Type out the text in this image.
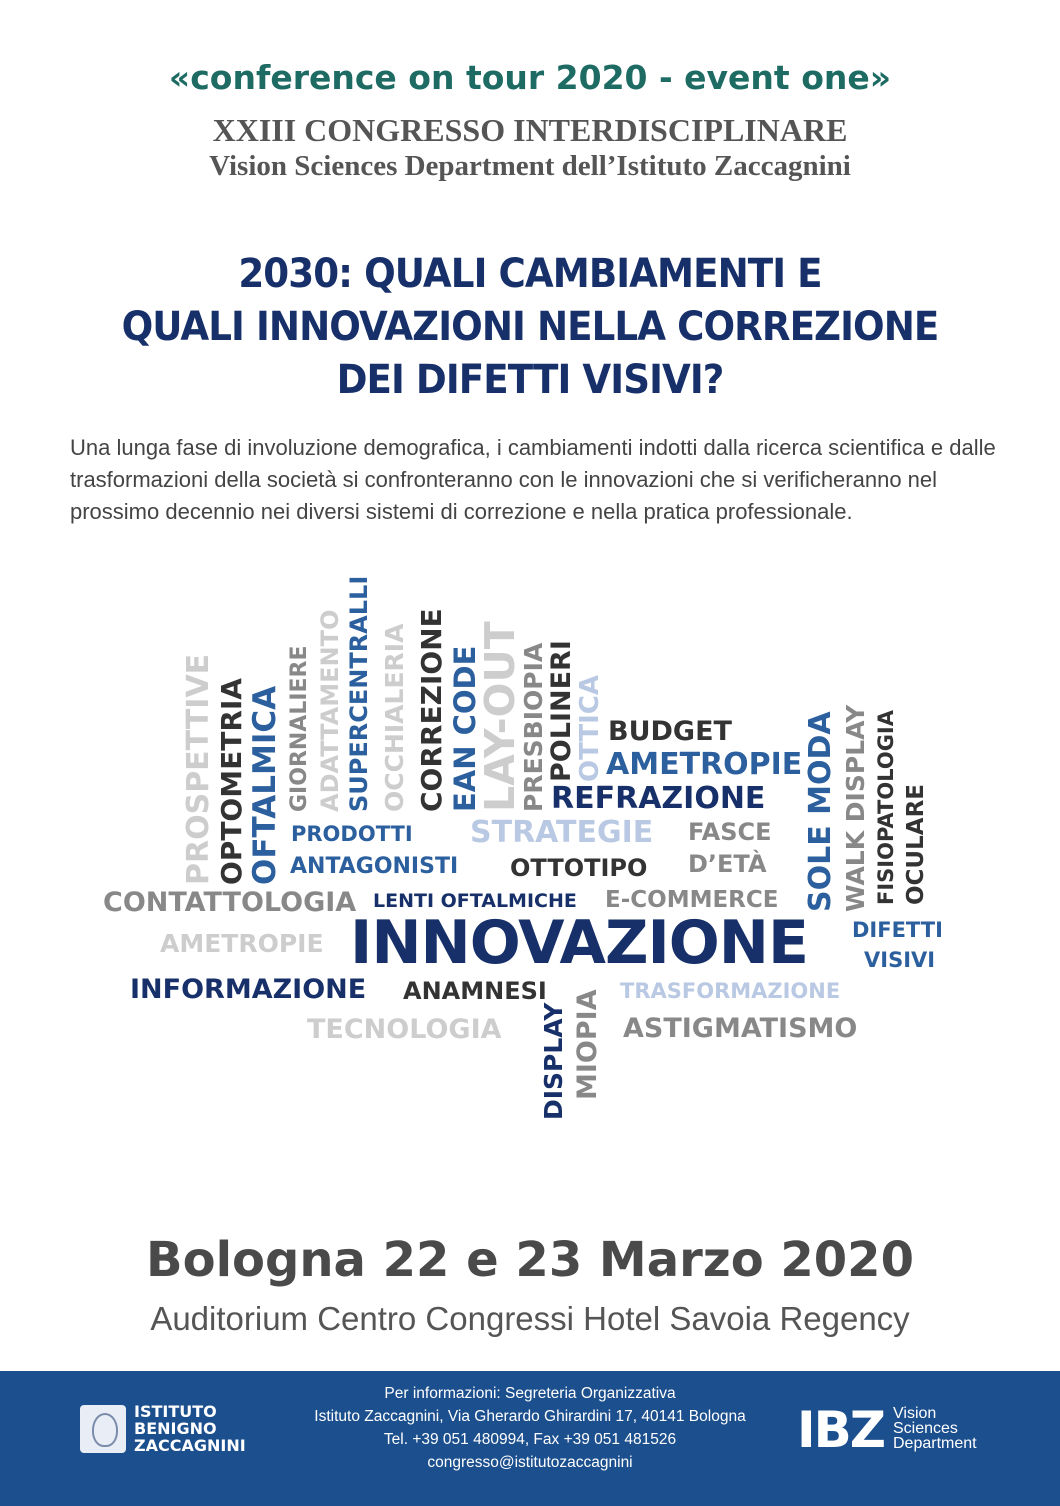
«conference on tour 2020 - event one»
XXIII CONGRESSO INTERDISCIPLINARE
Vision Sciences Department dell’Istituto Zaccagnini
2030: QUALI CAMBIAMENTI E
QUALI INNOVAZIONI NELLA CORREZIONE
DEI DIFETTI VISIVI?
Una lunga fase di involuzione demografica, i cambiamenti indotti dalla ricerca scientifica e dalle trasformazioni della società si confronteranno con le innovazioni che si verificheranno nel prossimo decennio nei diversi sistemi di correzione e nella pratica professionale.
PROSPETTIVE OPTOMETRIA OFTALMICA GIORNALIERE ADATTAMENTO SUPERCENTRALLI OCCHIALERIA CORREZIONE EAN CODE
LAY-OUT
PRESBIOPIA
POLINERI
OTTICA	SOLE MODA WALK DISPLAY FISIOPATOLOGIA OCULARE
DISPLAY MIOPIA
BUDGET
AMETROPIE
REFRAZIONE
PRODOTTI STRATEGIE FASCE
D’ETÀ
ANTAGONISTI OTTOTIPO
CONTATTOLOGIA LENTI OFTALMICHE E-COMMERCE
AMETROPIE INNOVAZIONE DIFETTI
VISIVI
INFORMAZIONE ANAMNESI	TRASFORMAZIONE
TECNOLOGIA	ASTIGMATISMO
Bologna 22 e 23 Marzo 2020
Auditorium Centro Congressi Hotel Savoia Regency
ISTITUTO
BENIGNO
ZACCAGNINI
Per informazioni: Segreteria Organizzativa
Istituto Zaccagnini, Via Gherardo Ghirardini 17, 40141 Bologna
Tel. +39 051 480994, Fax +39 051 481526
congresso@istitutozaccagnini
IBZ Vision
Sciences
Department
